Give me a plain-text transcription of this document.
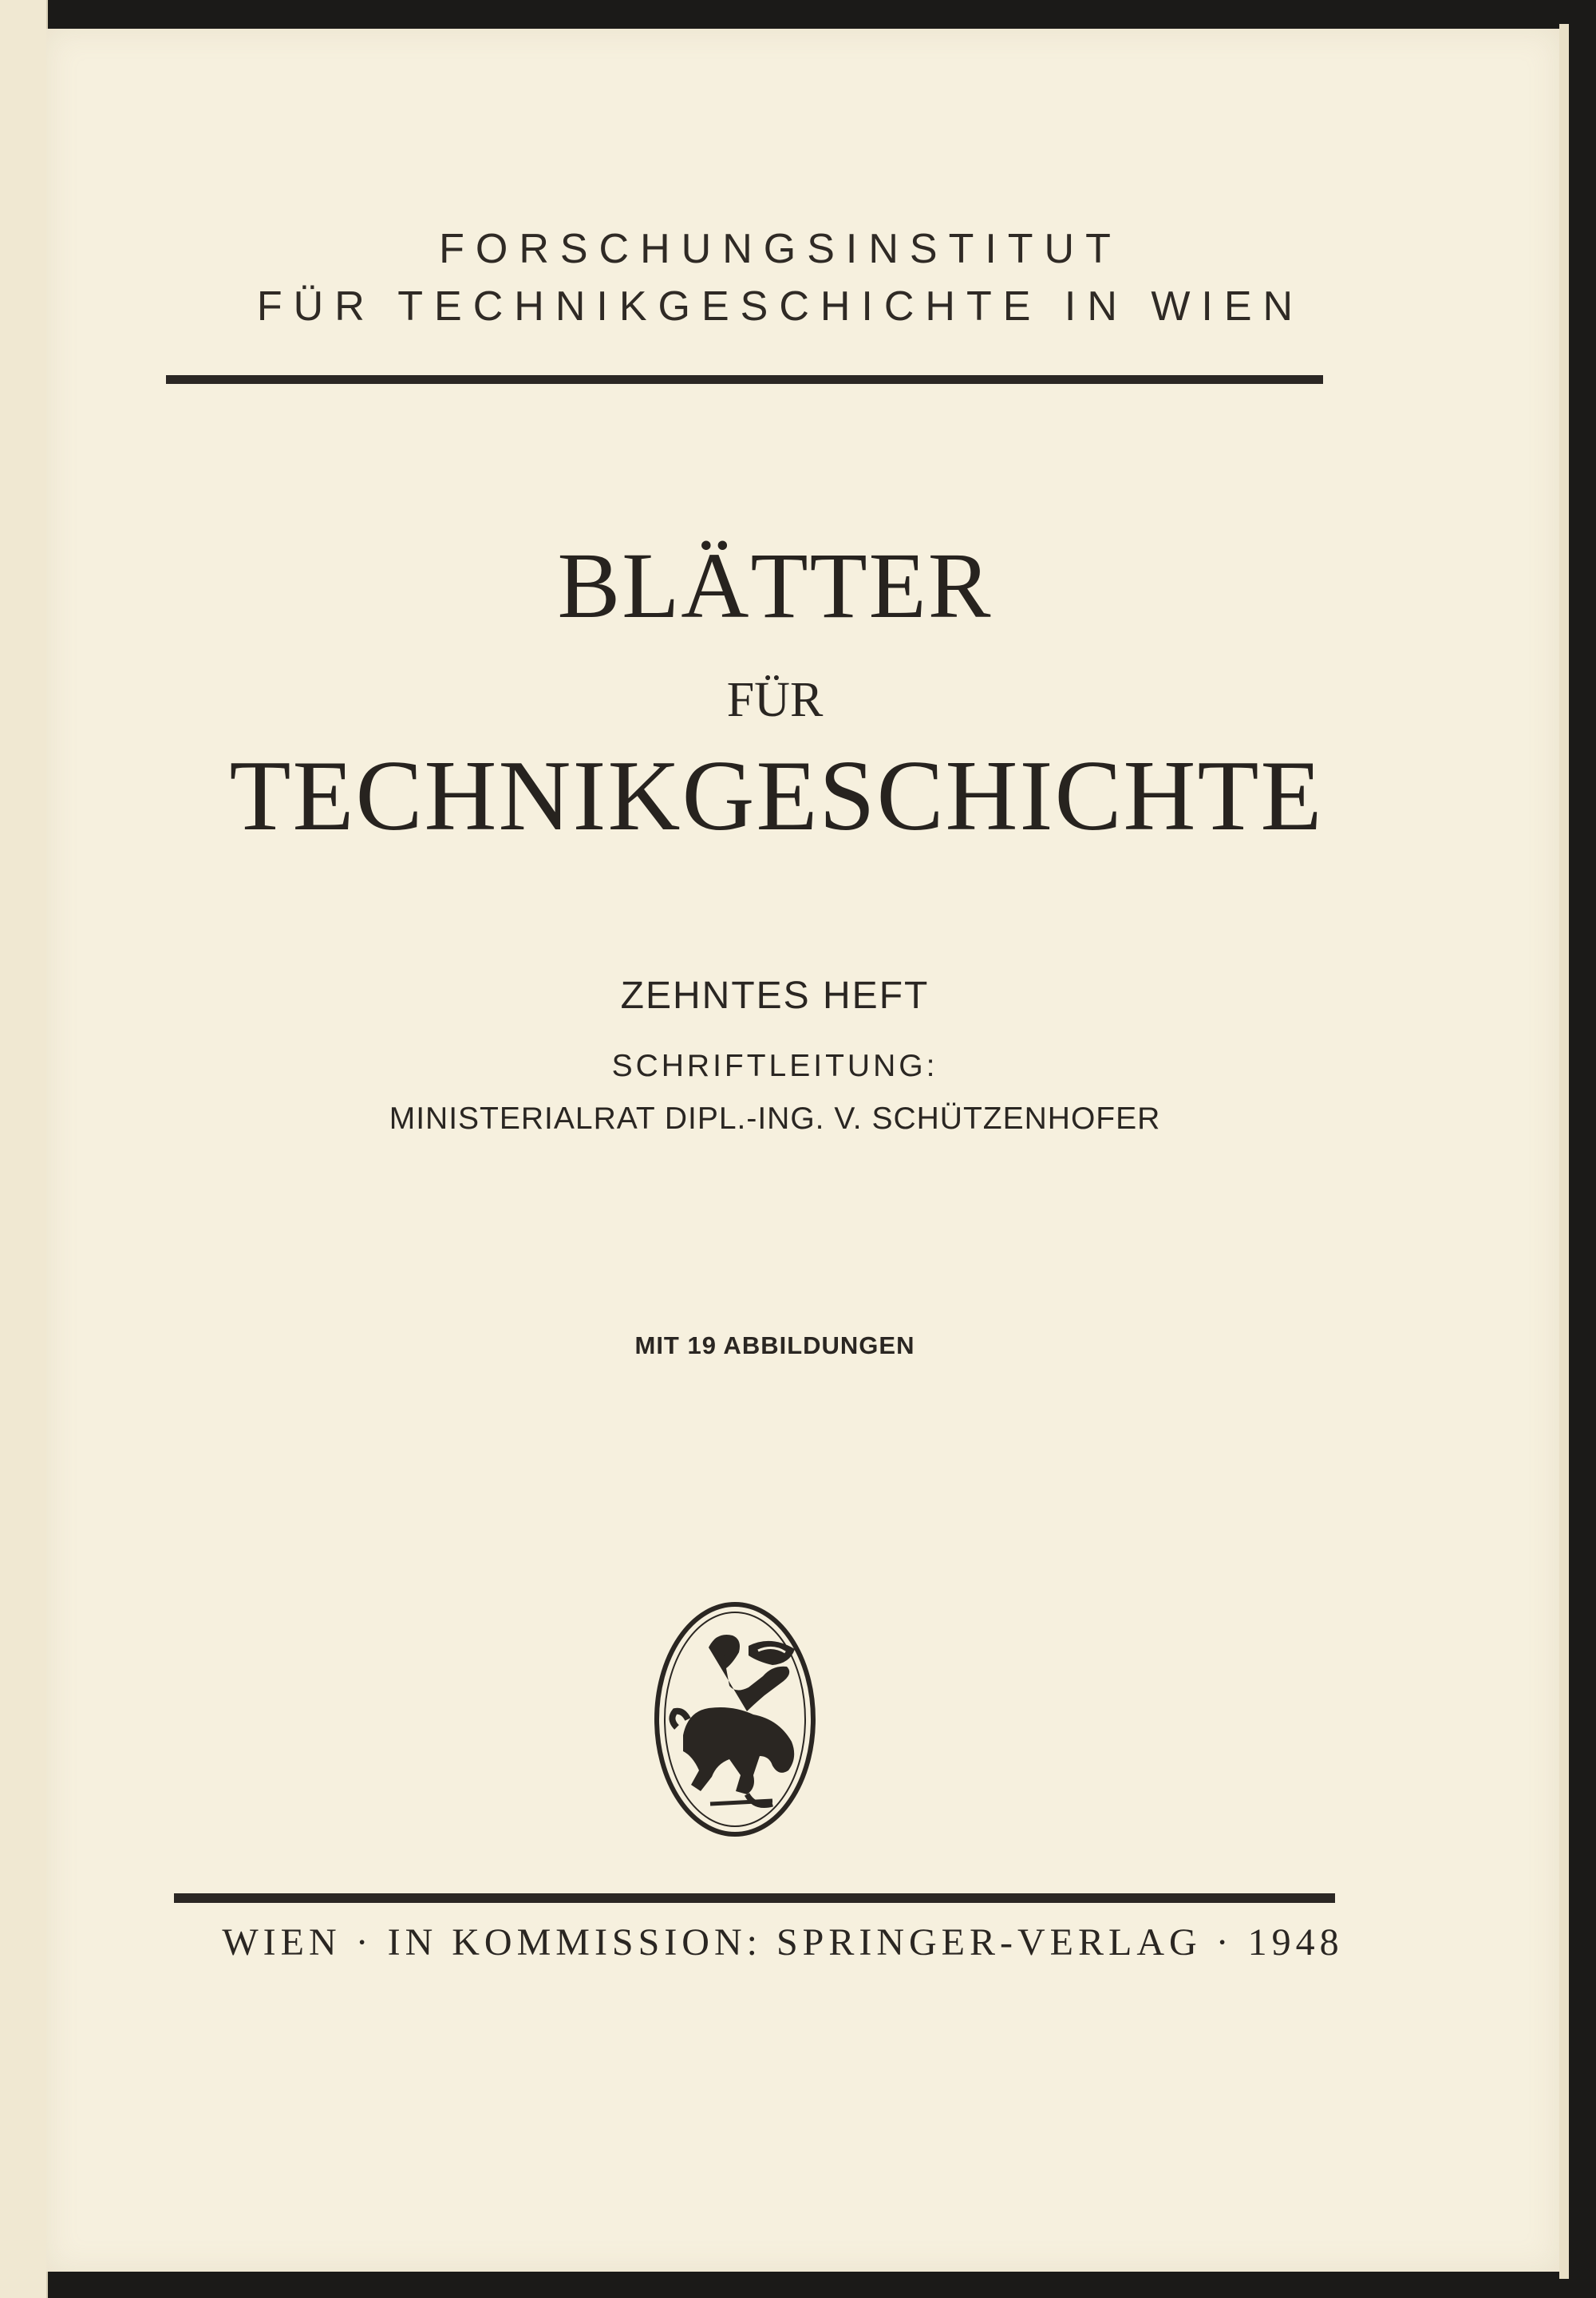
FORSCHUNGSINSTITUT
FÜR TECHNIKGESCHICHTE IN WIEN
BLÄTTER
FÜR
TECHNIKGESCHICHTE
ZEHNTES HEFT
SCHRIFTLEITUNG:
MINISTERIALRAT DIPL.-ING. V. SCHÜTZENHOFER
MIT 19 ABBILDUNGEN
WIEN · IN KOMMISSION: SPRINGER-VERLAG · 1948
